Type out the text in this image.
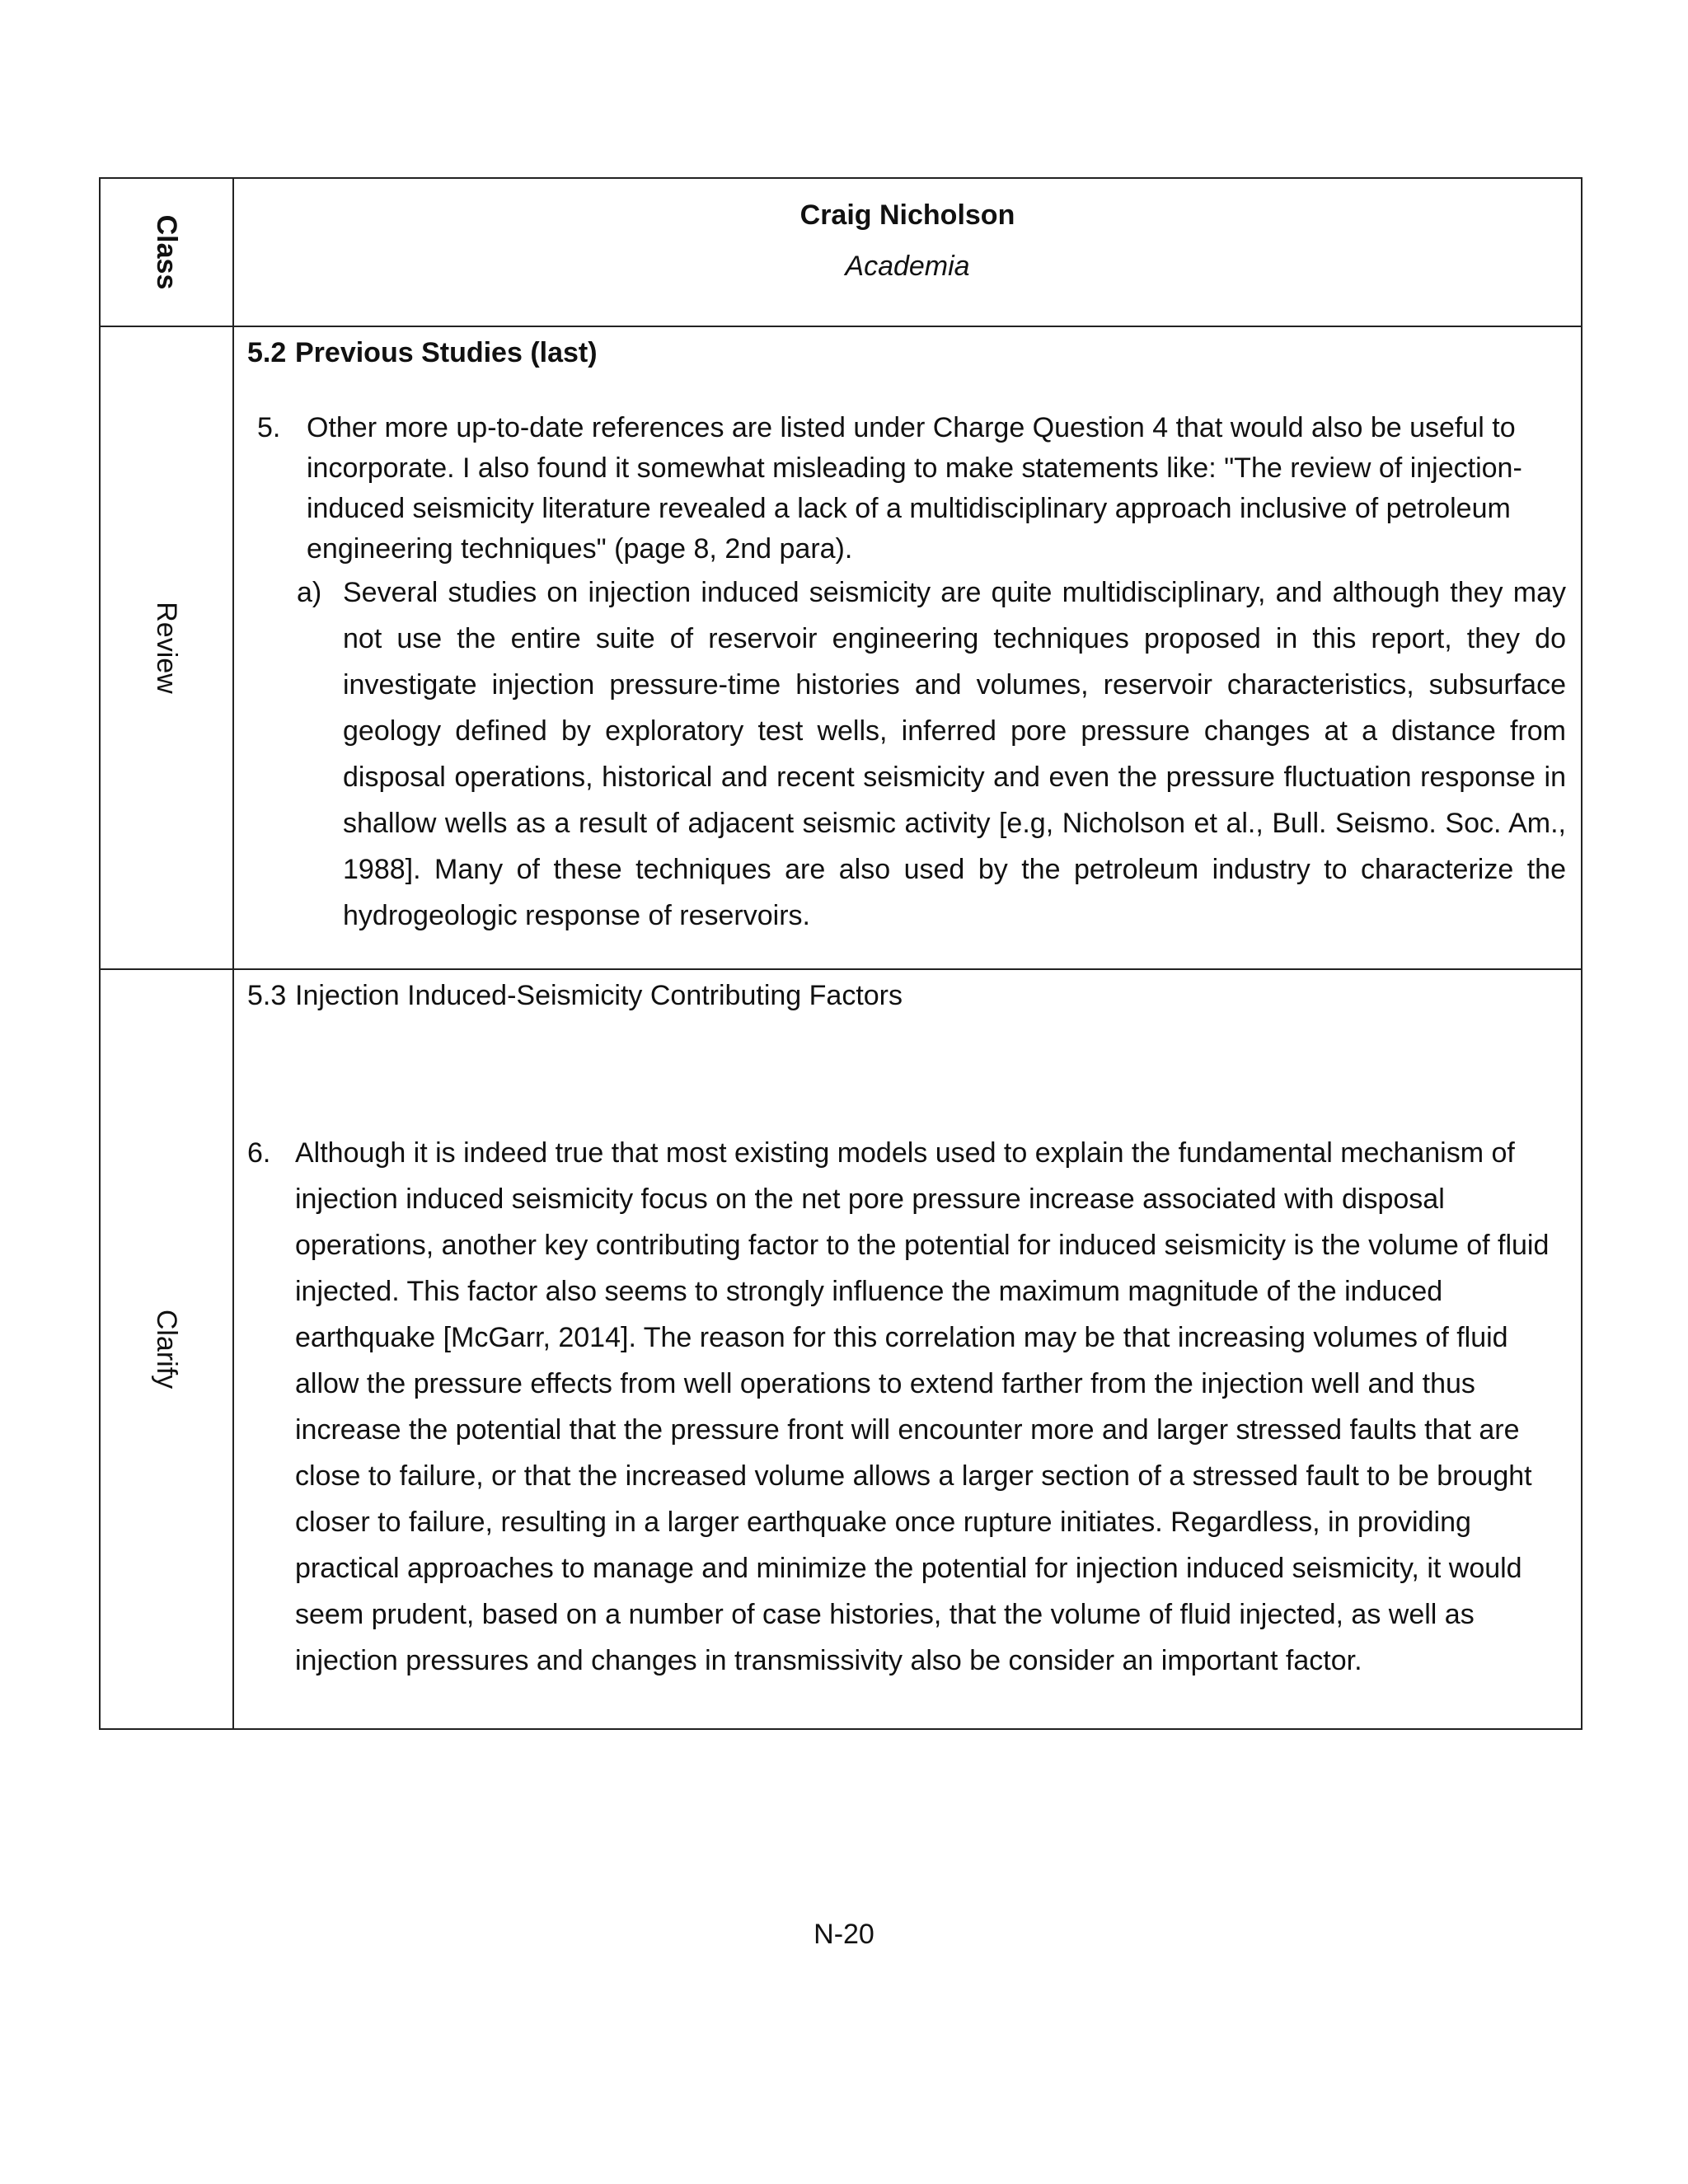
Class	Craig Nicholson
Academia

Review	5.2 Previous Studies (last)
5. Other more up-to-date references are listed under Charge Question 4 that would also be useful to incorporate. I also found it somewhat misleading to make statements like: "The review of injection-induced seismicity literature revealed a lack of a multidisciplinary approach inclusive of petroleum engineering techniques" (page 8, 2nd para).
a) Several studies on injection induced seismicity are quite multidisciplinary, and although they may not use the entire suite of reservoir engineering techniques proposed in this report, they do investigate injection pressure-time histories and volumes, reservoir characteristics, subsurface geology defined by exploratory test wells, inferred pore pressure changes at a distance from disposal operations, historical and recent seismicity and even the pressure fluctuation response in shallow wells as a result of adjacent seismic activity [e.g, Nicholson et al., Bull. Seismo. Soc. Am., 1988]. Many of these techniques are also used by the petroleum industry to characterize the hydrogeologic response of reservoirs.

Clarify	5.3 Injection Induced-Seismicity Contributing Factors
6. Although it is indeed true that most existing models used to explain the fundamental mechanism of injection induced seismicity focus on the net pore pressure increase associated with disposal operations, another key contributing factor to the potential for induced seismicity is the volume of fluid injected. This factor also seems to strongly influence the maximum magnitude of the induced earthquake [McGarr, 2014]. The reason for this correlation may be that increasing volumes of fluid allow the pressure effects from well operations to extend farther from the injection well and thus increase the potential that the pressure front will encounter more and larger stressed faults that are close to failure, or that the increased volume allows a larger section of a stressed fault to be brought closer to failure, resulting in a larger earthquake once rupture initiates. Regardless, in providing practical approaches to manage and minimize the potential for injection induced seismicity, it would seem prudent, based on a number of case histories, that the volume of fluid injected, as well as injection pressures and changes in transmissivity also be consider an important factor.
N-20
